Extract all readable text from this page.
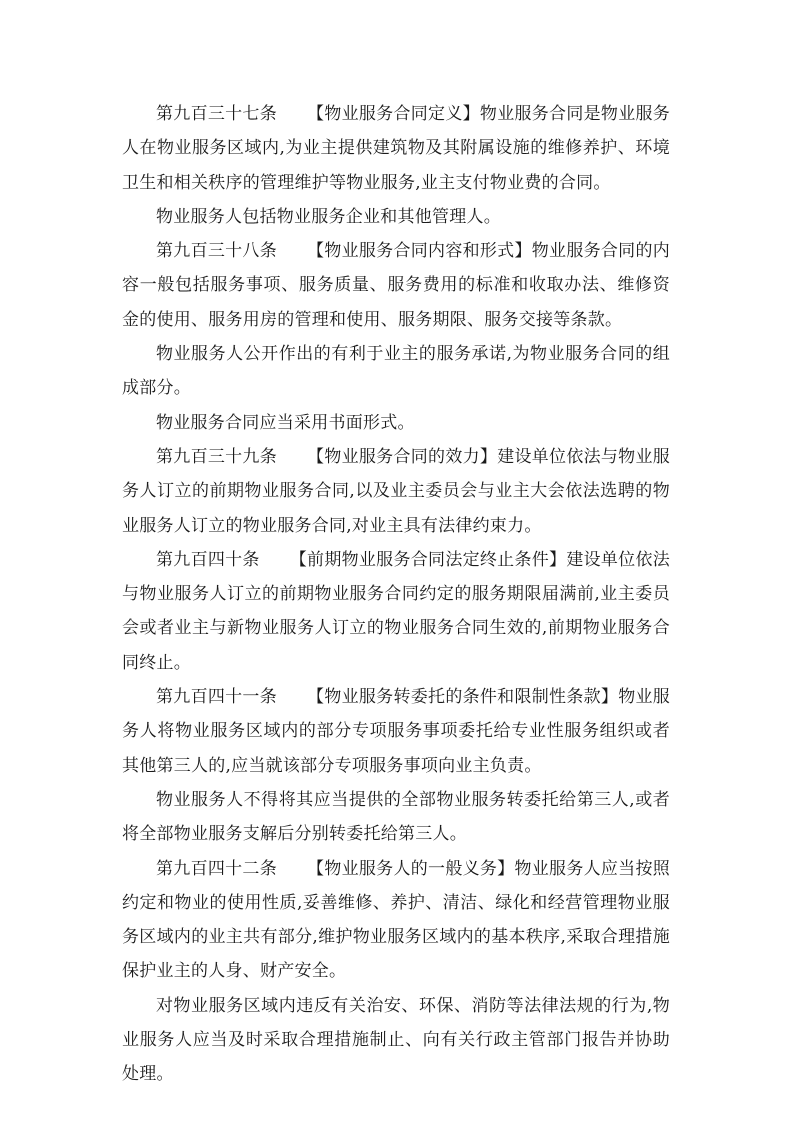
第九百三十七条 【物业服务合同定义】物业服务合同是物业服务人在物业服务区域内,为业主提供建筑物及其附属设施的维修养护、环境卫生和相关秩序的管理维护等物业服务,业主支付物业费的合同。

物业服务人包括物业服务企业和其他管理人。

第九百三十八条 【物业服务合同内容和形式】物业服务合同的内容一般包括服务事项、服务质量、服务费用的标准和收取办法、维修资金的使用、服务用房的管理和使用、服务期限、服务交接等条款。

物业服务人公开作出的有利于业主的服务承诺,为物业服务合同的组成部分。

物业服务合同应当采用书面形式。

第九百三十九条 【物业服务合同的效力】建设单位依法与物业服务人订立的前期物业服务合同,以及业主委员会与业主大会依法选聘的物业服务人订立的物业服务合同,对业主具有法律约束力。

第九百四十条 【前期物业服务合同法定终止条件】建设单位依法与物业服务人订立的前期物业服务合同约定的服务期限届满前,业主委员会或者业主与新物业服务人订立的物业服务合同生效的,前期物业服务合同终止。

第九百四十一条 【物业服务转委托的条件和限制性条款】物业服务人将物业服务区域内的部分专项服务事项委托给专业性服务组织或者其他第三人的,应当就该部分专项服务事项向业主负责。

物业服务人不得将其应当提供的全部物业服务转委托给第三人,或者将全部物业服务支解后分别转委托给第三人。

第九百四十二条 【物业服务人的一般义务】物业服务人应当按照约定和物业的使用性质,妥善维修、养护、清洁、绿化和经营管理物业服务区域内的业主共有部分,维护物业服务区域内的基本秩序,采取合理措施保护业主的人身、财产安全。

对物业服务区域内违反有关治安、环保、消防等法律法规的行为,物业服务人应当及时采取合理措施制止、向有关行政主管部门报告并协助处理。
